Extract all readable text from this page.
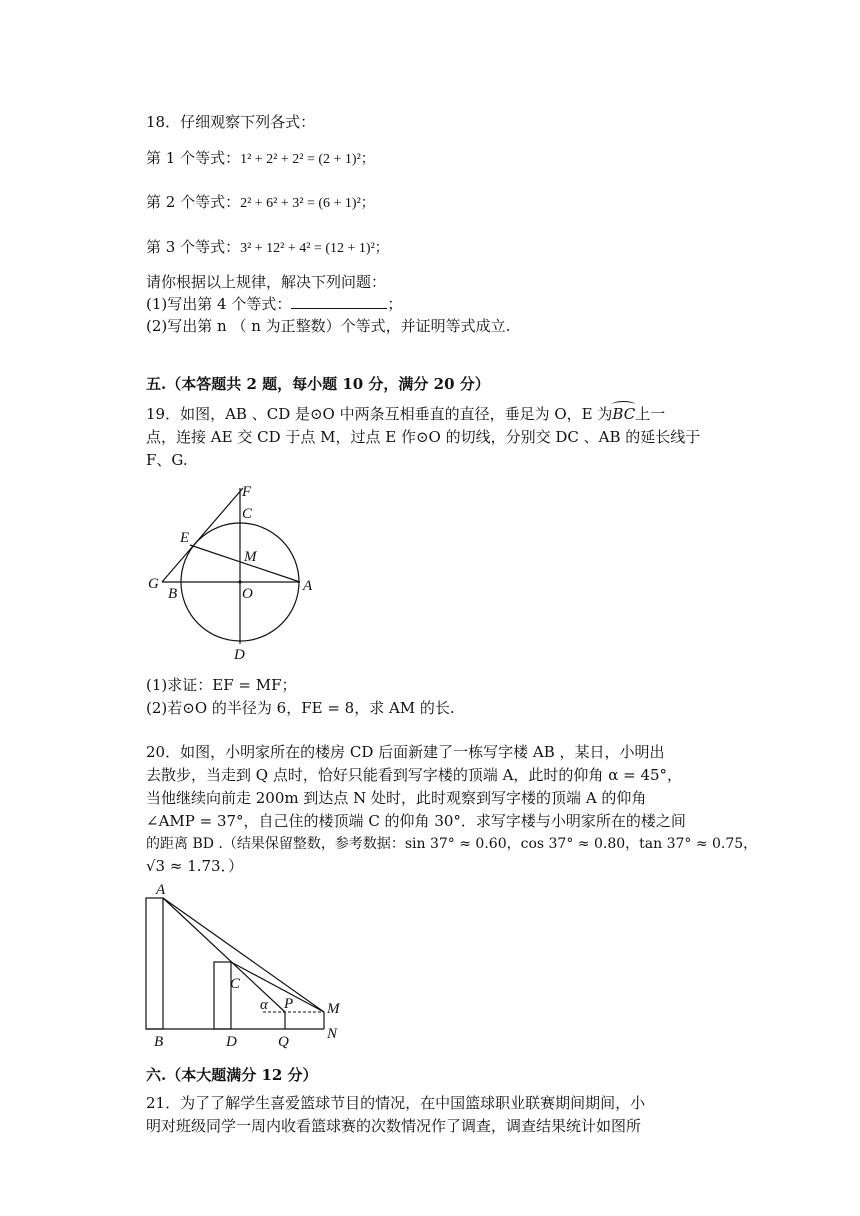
18．仔细观察下列各式：
第 1 个等式：1² + 2² + 2² = (2 + 1)²；
第 2 个等式：2² + 6² + 3² = (6 + 1)²；
第 3 个等式：3² + 12² + 4² = (12 + 1)²；
请你根据以上规律，解决下列问题：
(1)写出第 4 个等式：	；
(2)写出第 n （ n 为正整数）个等式，并证明等式成立.
五.（本答题共 2 题，每小题 10 分，满分 20 分）
19．如图，AB 、CD 是⊙O 中两条互相垂直的直径，垂足为 O，E 为BC上一
点，连接 AE 交 CD 于点 M，过点 E 作⊙O 的切线，分别交 DC 、AB 的延长线于
F、G.
F
C
E
M
G
B	O	A
D
(1)求证：EF = MF；
(2)若⊙O 的半径为 6，FE = 8，求 AM 的长.
20．如图，小明家所在的楼房 CD 后面新建了一栋写字楼 AB ，某日，小明出
去散步，当走到 Q 点时，恰好只能看到写字楼的顶端 A，此时的仰角 α = 45°，
当他继续向前走 200m 到达点 N 处时，此时观察到写字楼的顶端 A 的仰角
∠AMP = 37°，自己住的楼顶端 C 的仰角 30°．求写字楼与小明家所在的楼之间
的距离 BD .（结果保留整数，参考数据：sin 37° ≈ 0.60，cos 37° ≈ 0.80，tan 37° ≈ 0.75，
√3 ≈ 1.73．）
A
C
α P M
B	D	Q	N
六.（本大题满分 12 分）
21．为了了解学生喜爱篮球节目的情况，在中国篮球职业联赛期间期间，小
明对班级同学一周内收看篮球赛的次数情况作了调查，调查结果统计如图所
